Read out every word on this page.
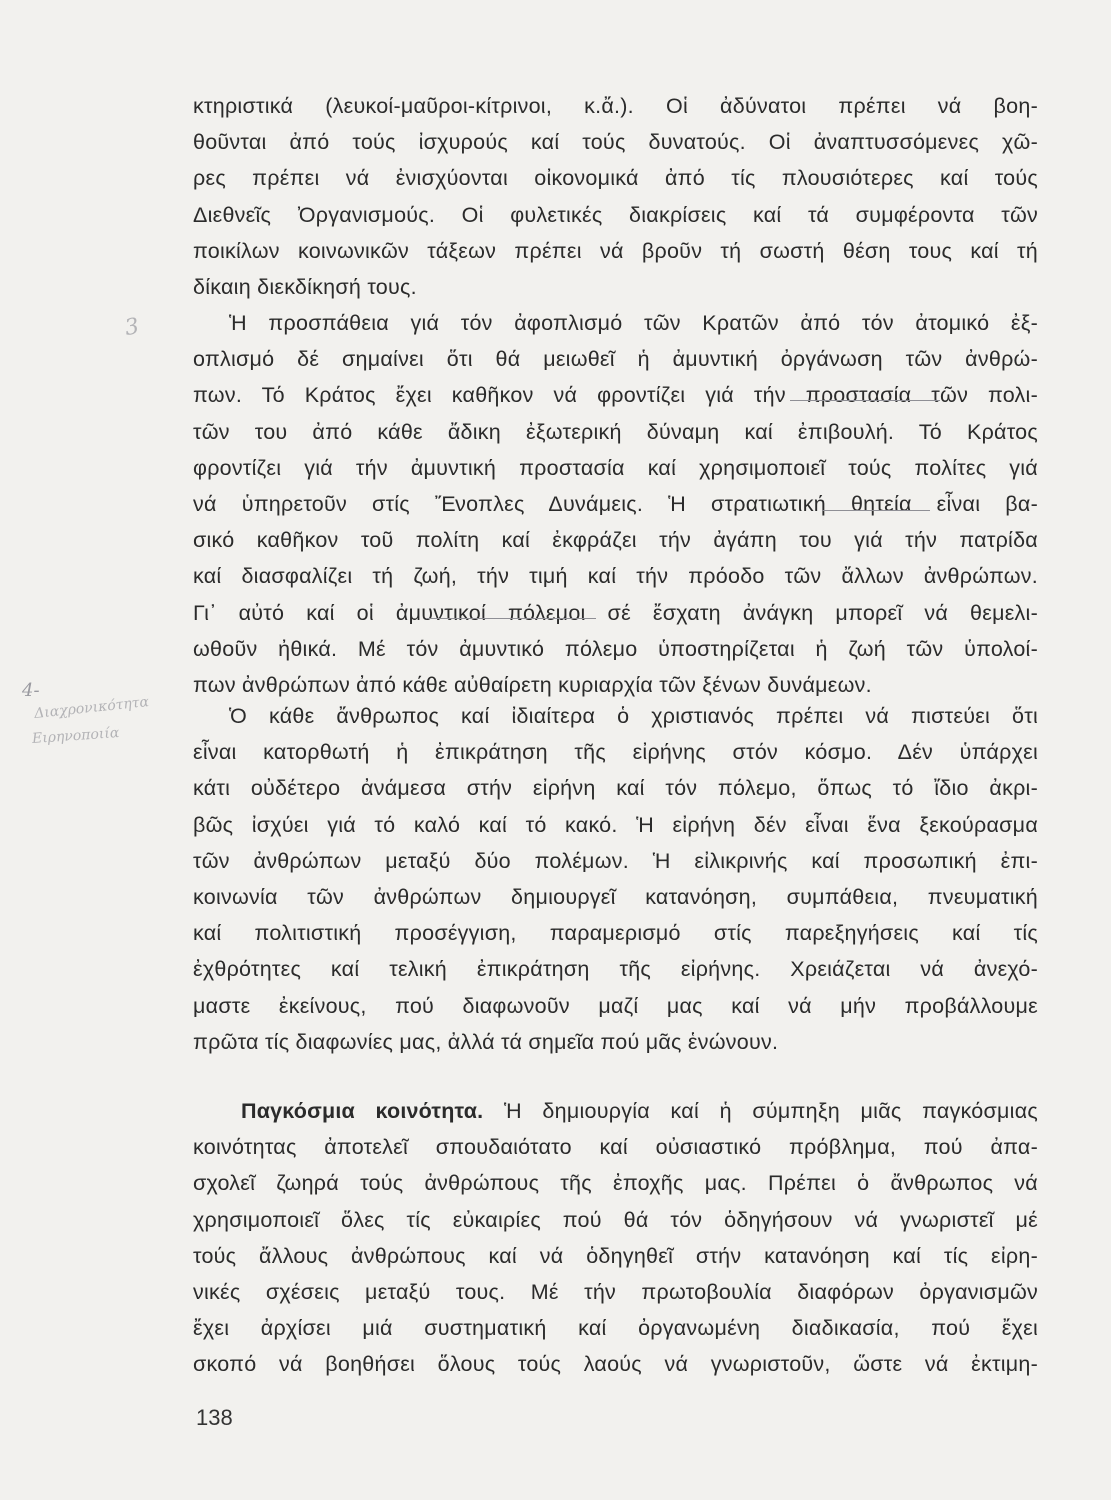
κτηριστικά (λευκοί-μαῦροι-κίτρινοι, κ.ἄ.). Οἱ ἀδύνατοι πρέπει νά βοη-
θοῦνται ἀπό τούς ἰσχυρούς καί τούς δυνατούς. Οἱ ἀναπτυσσόμενες χῶ-
ρες πρέπει νά ἐνισχύονται οἰκονομικά ἀπό τίς πλουσιότερες καί τούς
Διεθνεῖς Ὀργανισμούς. Οἱ φυλετικές διακρίσεις καί τά συμφέροντα τῶν
ποικίλων κοινωνικῶν τάξεων πρέπει νά βροῦν τή σωστή θέση τους καί τή
δίκαιη διεκδίκησή τους.
Ἡ προσπάθεια γιά τόν ἀφοπλισμό τῶν Κρατῶν ἀπό τόν ἀτομικό ἐξ-
οπλισμό δέ σημαίνει ὅτι θά μειωθεῖ ἡ ἀμυντική ὀργάνωση τῶν ἀνθρώ-
πων. Τό Κράτος ἔχει καθῆκον νά φροντίζει γιά τήν προστασία τῶν πολι-
τῶν του ἀπό κάθε ἄδικη ἐξωτερική δύναμη καί ἐπιβουλή. Τό Κράτος
φροντίζει γιά τήν ἀμυντική προστασία καί χρησιμοποιεῖ τούς πολίτες γιά
νά ὑπηρετοῦν στίς Ἔνοπλες Δυνάμεις. Ἡ στρατιωτική θητεία εἶναι βα-
σικό καθῆκον τοῦ πολίτη καί ἐκφράζει τήν ἀγάπη του γιά τήν πατρίδα
καί διασφαλίζει τή ζωή, τήν τιμή καί τήν πρόοδο τῶν ἄλλων ἀνθρώπων.
Γι᾽ αὐτό καί οἱ ἀμυντικοί πόλεμοι σέ ἔσχατη ἀνάγκη μπορεῖ νά θεμελι-
ωθοῦν ἠθικά. Μέ τόν ἀμυντικό πόλεμο ὑποστηρίζεται ἡ ζωή τῶν ὑπολοί-
πων ἀνθρώπων ἀπό κάθε αὐθαίρετη κυριαρχία τῶν ξένων δυνάμεων.
Ὁ κάθε ἄνθρωπος καί ἰδιαίτερα ὁ χριστιανός πρέπει νά πιστεύει ὅτι
εἶναι κατορθωτή ἡ ἐπικράτηση τῆς εἰρήνης στόν κόσμο. Δέν ὑπάρχει
κάτι οὐδέτερο ἀνάμεσα στήν εἰρήνη καί τόν πόλεμο, ὅπως τό ἴδιο ἀκρι-
βῶς ἰσχύει γιά τό καλό καί τό κακό. Ἡ εἰρήνη δέν εἶναι ἕνα ξεκούρασμα
τῶν ἀνθρώπων μεταξύ δύο πολέμων. Ἡ εἰλικρινής καί προσωπική ἐπι-
κοινωνία τῶν ἀνθρώπων δημιουργεῖ κατανόηση, συμπάθεια, πνευματική
καί πολιτιστική προσέγγιση, παραμερισμό στίς παρεξηγήσεις καί τίς
ἐχθρότητες καί τελική ἐπικράτηση τῆς εἰρήνης. Χρειάζεται νά ἀνεχό-
μαστε ἐκείνους, πού διαφωνοῦν μαζί μας καί νά μήν προβάλλουμε
πρῶτα τίς διαφωνίες μας, ἀλλά τά σημεῖα πού μᾶς ἑνώνουν.
Παγκόσμια κοινότητα. Ἡ δημιουργία καί ἡ σύμπηξη μιᾶς παγκόσμιας
κοινότητας ἀποτελεῖ σπουδαιότατο καί οὐσιαστικό πρόβλημα, πού ἀπα-
σχολεῖ ζωηρά τούς ἀνθρώπους τῆς ἐποχῆς μας. Πρέπει ὁ ἄνθρωπος νά
χρησιμοποιεῖ ὅλες τίς εὐκαιρίες πού θά τόν ὁδηγήσουν νά γνωριστεῖ μέ
τούς ἄλλους ἀνθρώπους καί νά ὁδηγηθεῖ στήν κατανόηση καί τίς εἰρη-
νικές σχέσεις μεταξύ τους. Μέ τήν πρωτοβουλία διαφόρων ὀργανισμῶν
ἔχει ἀρχίσει μιά συστηματική καί ὀργανωμένη διαδικασία, πού ἔχει
σκοπό νά βοηθήσει ὅλους τούς λαούς νά γνωριστοῦν, ὥστε νά ἐκτιμη-
3
4-
Διαχρονικότητα
Ειρηνοποιία
138
